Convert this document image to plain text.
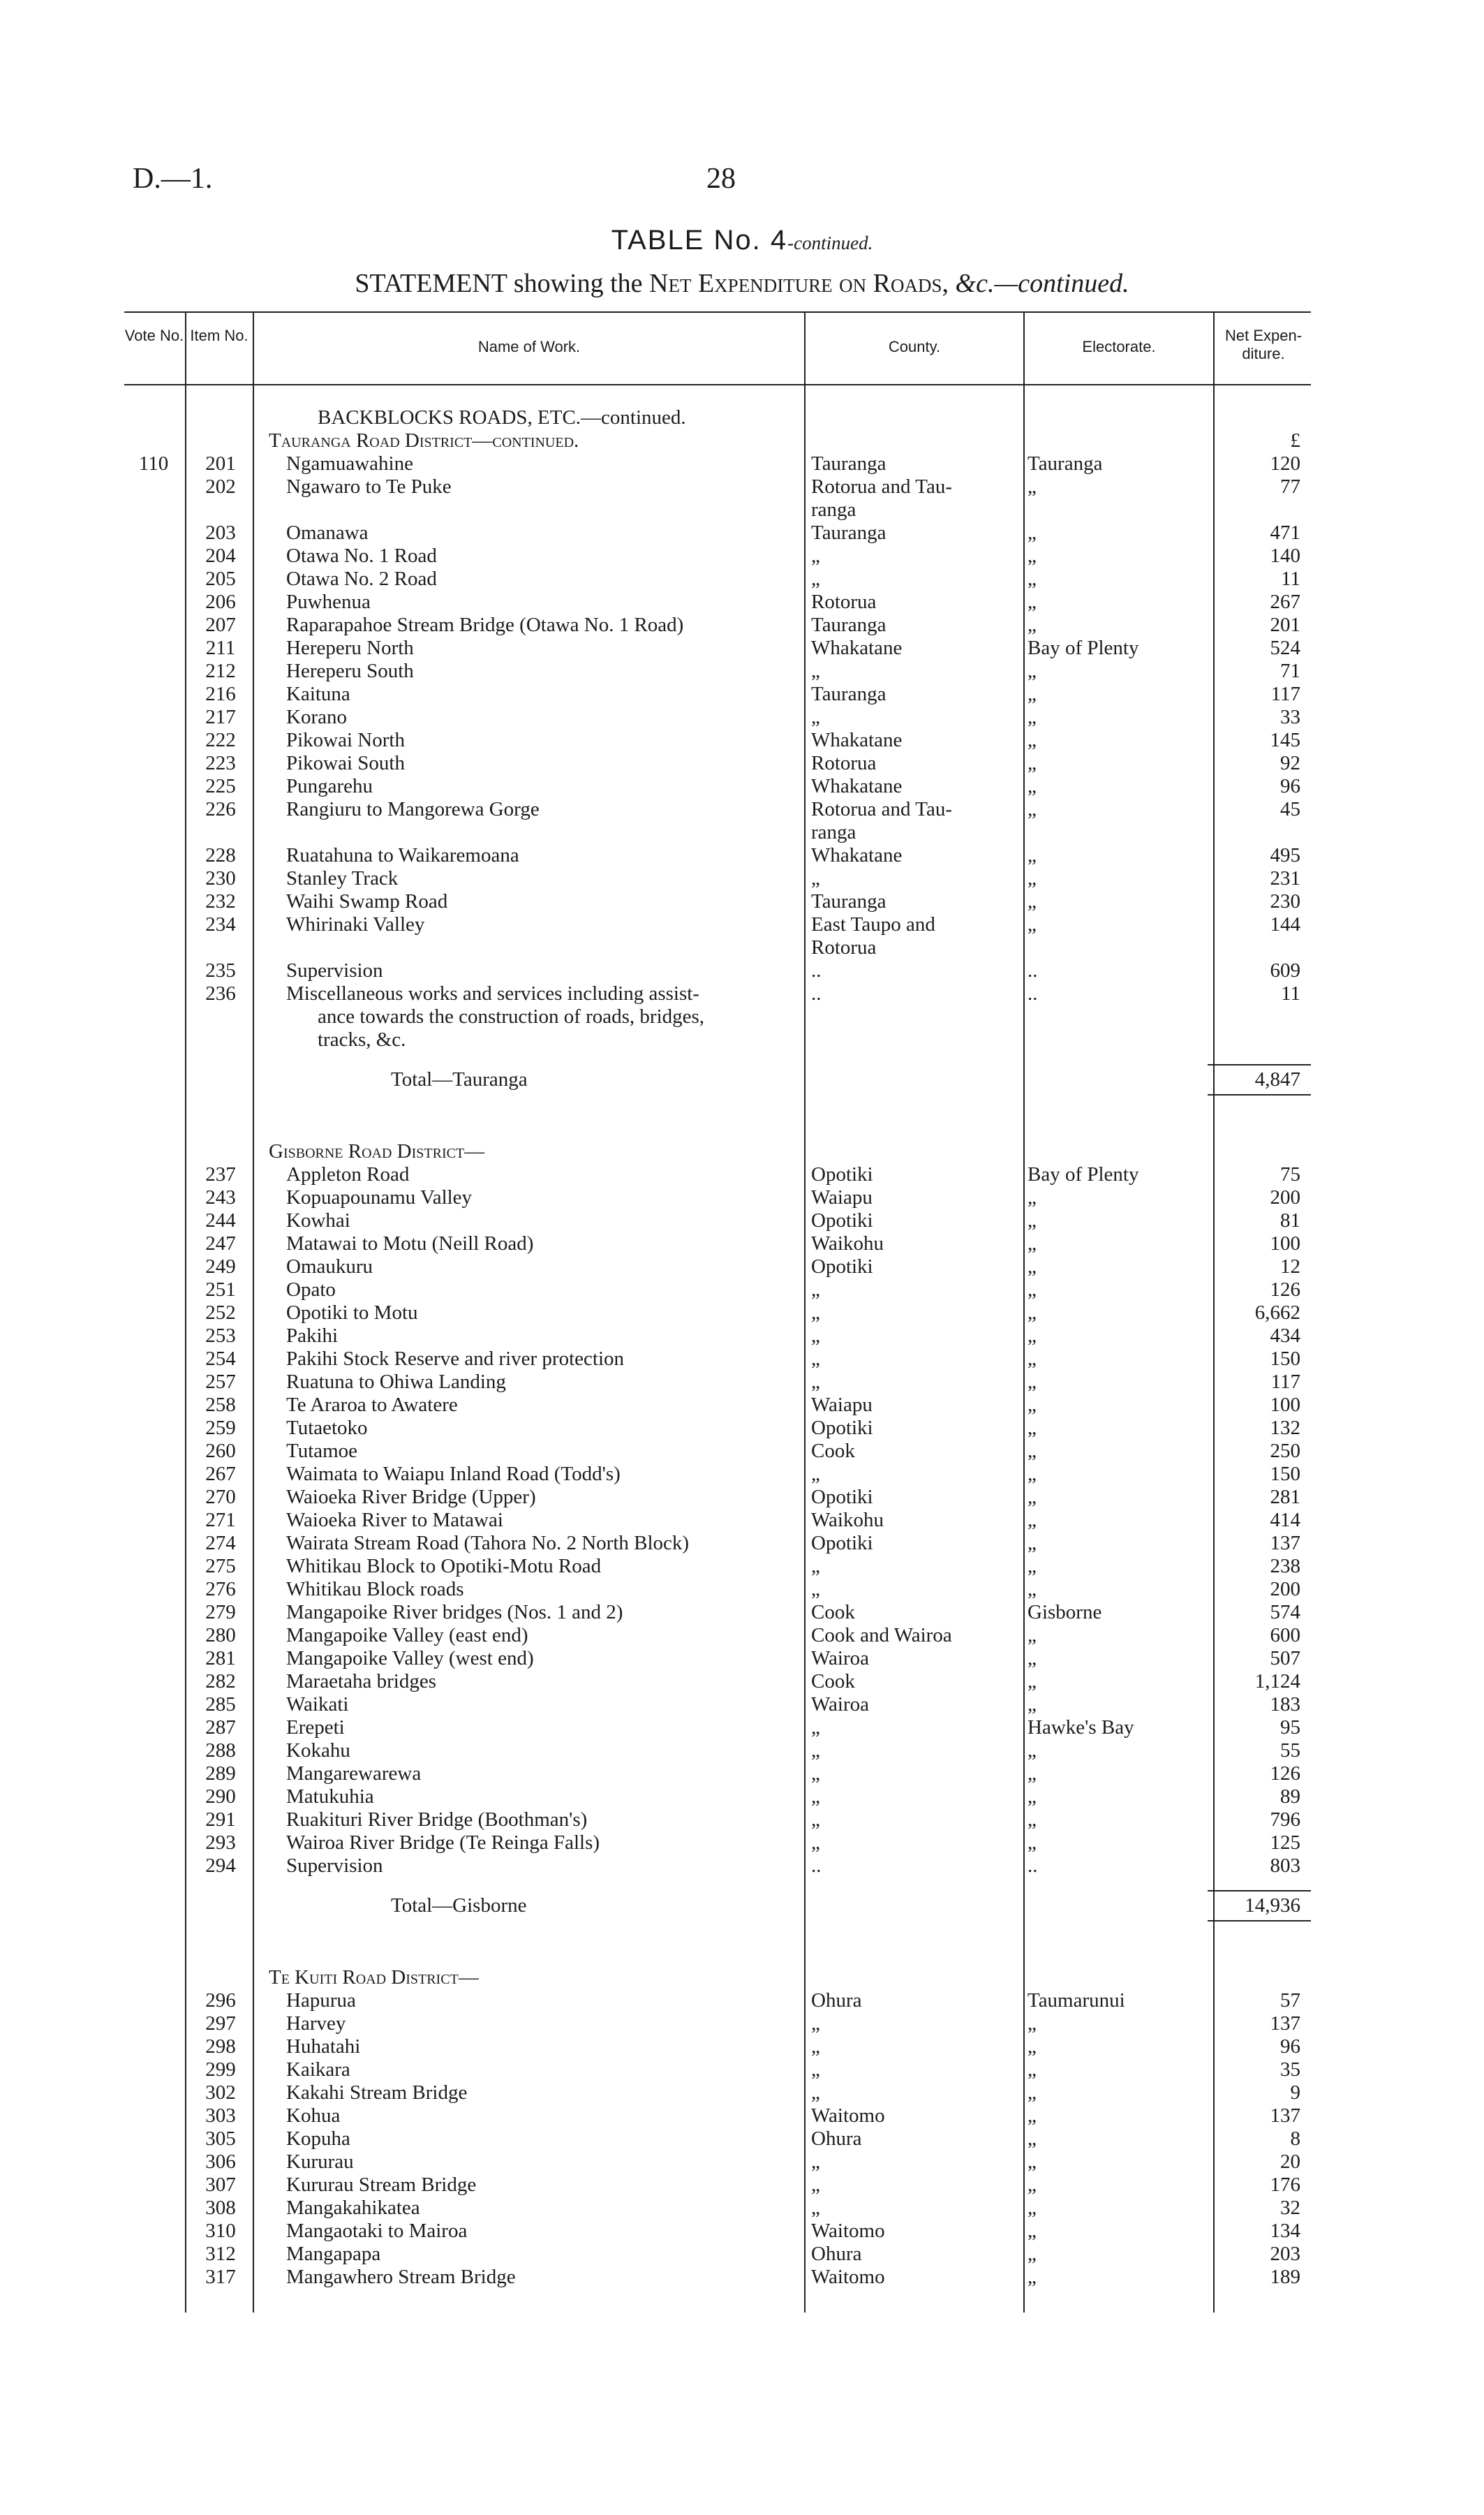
D.—1.	28
TABLE No. 4-continued.
STATEMENT showing the Net Expenditure on Roads, &c.—continued.
Vote No. Item No.
Name of Work.	County.	Electorate.
Net Expen- diture.
BACKBLOCKS ROADS, ETC.—continued.
Tauranga Road District—continued.	£
110	201	Ngamuawahine	Tauranga	Tauranga	120
202	Ngawaro to Te Puke	Rotorua and Tau-	„	77
ranga
203	Omanawa	Tauranga	„	471
204	Otawa No. 1 Road	„	„	140
205	Otawa No. 2 Road	„	„	11
206	Puwhenua	Rotorua	„	267
207	Raparapahoe Stream Bridge (Otawa No. 1 Road)	Tauranga	„	201
211	Hereperu North	Whakatane	Bay of Plenty	524
212	Hereperu South	„	„	71
216	Kaituna	Tauranga	„	117
217	Korano	„	„	33
222	Pikowai North	Whakatane	„	145
223	Pikowai South	Rotorua	„	92
225	Pungarehu	Whakatane	„	96
226	Rangiuru to Mangorewa Gorge	Rotorua and Tau-	„	45
ranga
228	Ruatahuna to Waikaremoana	Whakatane	„	495
230	Stanley Track	„	„	231
232	Waihi Swamp Road	Tauranga	„	230
234	Whirinaki Valley	East Taupo and	„	144
Rotorua
235	Supervision	..	..	609
236	Miscellaneous works and services including assist-	..	..	11
ance towards the construction of roads, bridges,
tracks, &c.
Total—Tauranga	4,847
Gisborne Road District—
237	Appleton Road	Opotiki	Bay of Plenty	75
243	Kopuapounamu Valley	Waiapu	„	200
244	Kowhai	Opotiki	„	81
247	Matawai to Motu (Neill Road)	Waikohu	„	100
249	Omaukuru	Opotiki	„	12
251	Opato	„	„	126
252	Opotiki to Motu	„	„	6,662
253	Pakihi	„	„	434
254	Pakihi Stock Reserve and river protection	„	„	150
257	Ruatuna to Ohiwa Landing	„	„	117
258	Te Araroa to Awatere	Waiapu	„	100
259	Tutaetoko	Opotiki	„	132
260	Tutamoe	Cook	„	250
267	Waimata to Waiapu Inland Road (Todd's)	„	„	150
270	Waioeka River Bridge (Upper)	Opotiki	„	281
271	Waioeka River to Matawai	Waikohu	„	414
274	Wairata Stream Road (Tahora No. 2 North Block)	Opotiki	„	137
275	Whitikau Block to Opotiki-Motu Road	„	„	238
276	Whitikau Block roads	„	„	200
279	Mangapoike River bridges (Nos. 1 and 2)	Cook	Gisborne	574
280	Mangapoike Valley (east end)	Cook and Wairoa	„	600
281	Mangapoike Valley (west end)	Wairoa	„	507
282	Maraetaha bridges	Cook	„	1,124
285	Waikati	Wairoa	„	183
287	Erepeti	„	Hawke's Bay	95
288	Kokahu	„	„	55
289	Mangarewarewa	„	„	126
290	Matukuhia	„	„	89
291	Ruakituri River Bridge (Boothman's)	„	„	796
293	Wairoa River Bridge (Te Reinga Falls)	„	„	125
294	Supervision	..	..	803
Total—Gisborne	14,936
Te Kuiti Road District—
296	Hapurua	Ohura	Taumarunui	57
297	Harvey	„	„	137
298	Huhatahi	„	„	96
299	Kaikara	„	„	35
302	Kakahi Stream Bridge	„	„	9
303	Kohua	Waitomo	„	137
305	Kopuha	Ohura	„	8
306	Kururau	„	„	20
307	Kururau Stream Bridge	„	„	176
308	Mangakahikatea	„	„	32
310	Mangaotaki to Mairoa	Waitomo	„	134
312	Mangapapa	Ohura	„	203
317	Mangawhero Stream Bridge	Waitomo	„	189
